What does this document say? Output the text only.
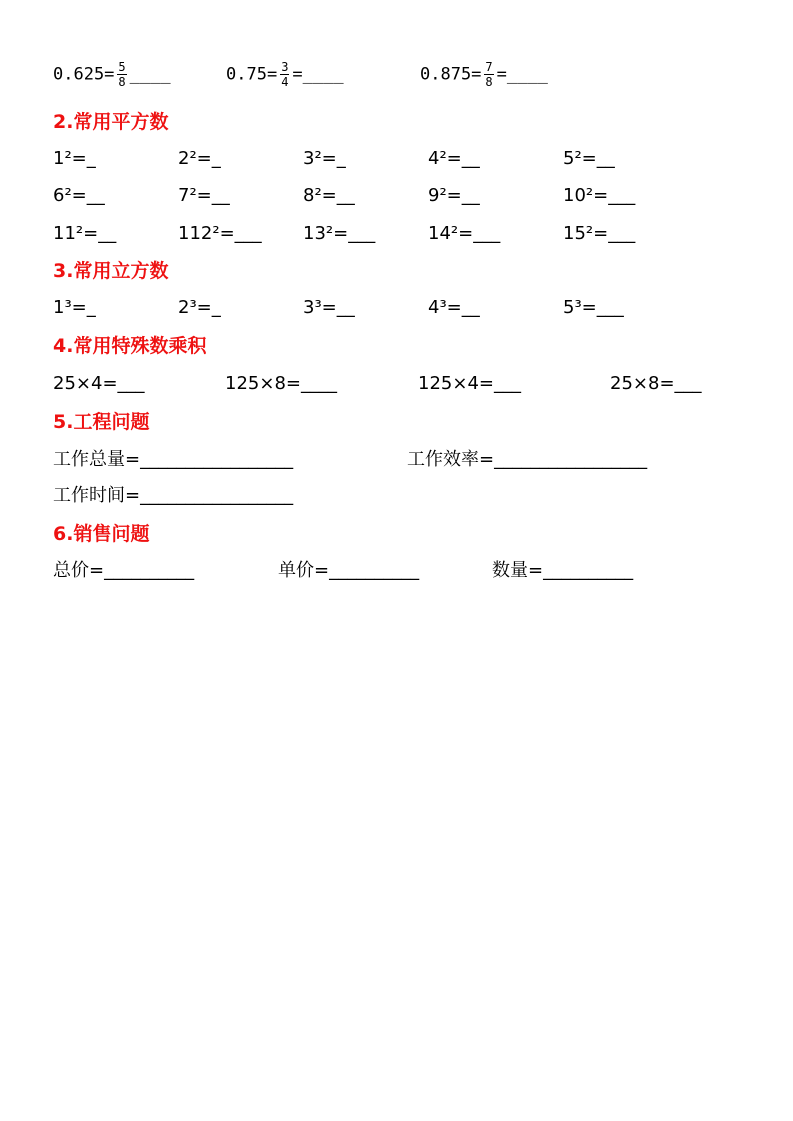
$0.625= \frac{5}{8}$ ____	$0.75= \frac{3}{4}$ =____	$0.875= \frac{7}{8}$ =____
2.常用平方数
1²=_	2²=_	3²=_	4²=__	5²=__
6²=__	7²=__	8²=__	9²=__	10²=___
11²=__	112²=___ 13²=___	14²=___	15²=___
3.常用立方数
1³=_	2³=_	3³=__	4³=__	5³=___
4.常用特殊数乘积
25×4=___	125×8=____	125×4=___	25×8=___
5.工程问题
工作总量=_________________	工作效率=_________________
工作时间=_________________
6.销售问题
总价=__________	单价=__________	数量=__________
